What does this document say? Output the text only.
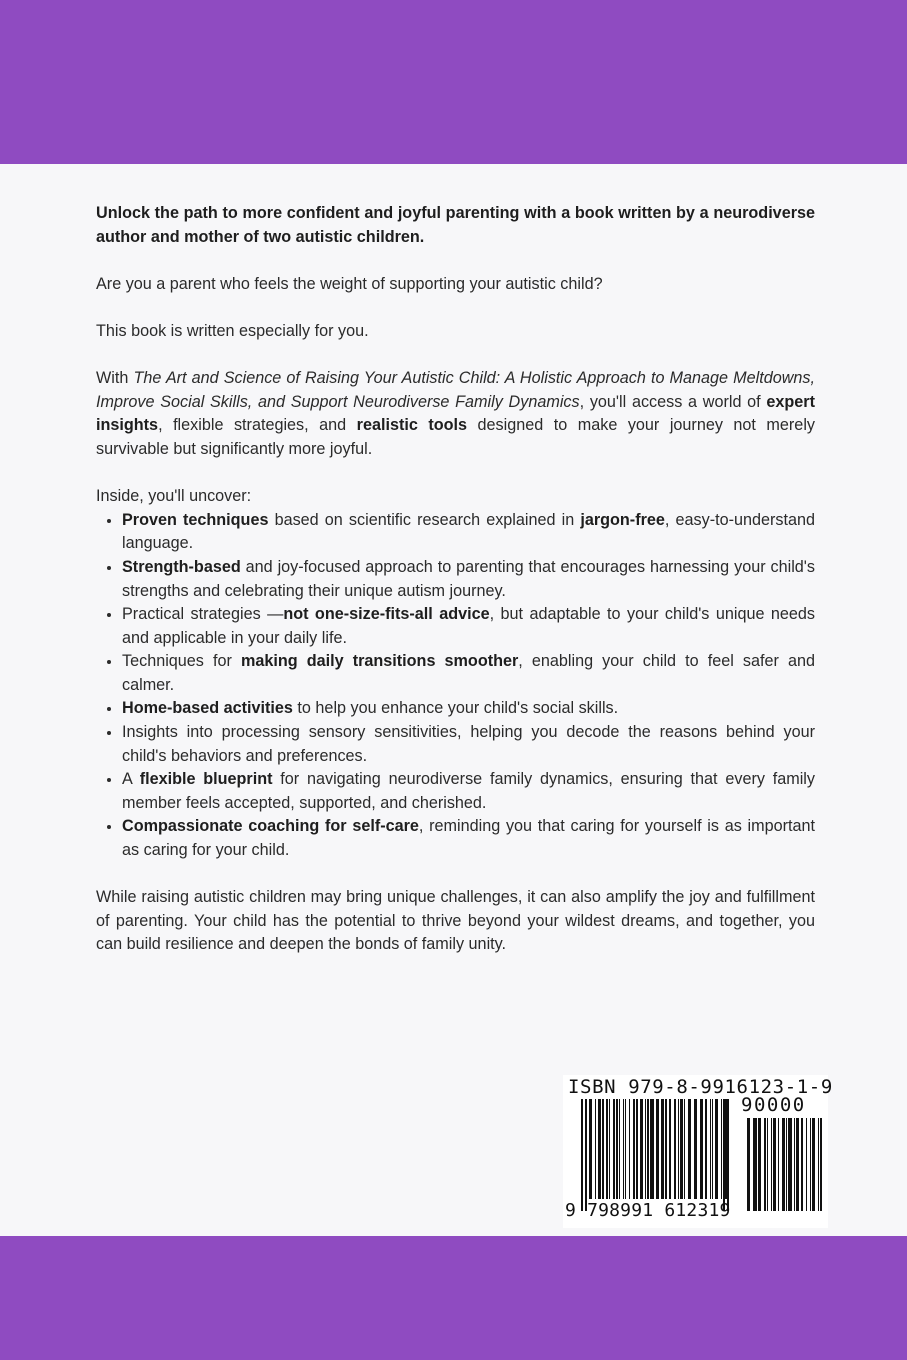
Unlock the path to more confident and joyful parenting with a book written by a neurodiverse author and mother of two autistic children.

Are you a parent who feels the weight of supporting your autistic child?

This book is written especially for you.

With The Art and Science of Raising Your Autistic Child: A Holistic Approach to Manage Meltdowns, Improve Social Skills, and Support Neurodiverse Family Dynamics, you'll access a world of expert insights, flexible strategies, and realistic tools designed to make your journey not merely survivable but significantly more joyful.

Inside, you'll uncover:

• Proven techniques based on scientific research explained in jargon-free, easy-to-understand language.
• Strength-based and joy-focused approach to parenting that encourages harnessing your child's strengths and celebrating their unique autism journey.
• Practical strategies —not one-size-fits-all advice, but adaptable to your child's unique needs and applicable in your daily life.
• Techniques for making daily transitions smoother, enabling your child to feel safer and calmer.
• Home-based activities to help you enhance your child's social skills.
• Insights into processing sensory sensitivities, helping you decode the reasons behind your child's behaviors and preferences.
• A flexible blueprint for navigating neurodiverse family dynamics, ensuring that every family member feels accepted, supported, and cherished.
• Compassionate coaching for self-care, reminding you that caring for yourself is as important as caring for your child.

While raising autistic children may bring unique challenges, it can also amplify the joy and fulfillment of parenting. Your child has the potential to thrive beyond your wildest dreams, and together, you can build resilience and deepen the bonds of family unity.

ISBN 979-8-9916123-1-9
90000
9 798991 612319
